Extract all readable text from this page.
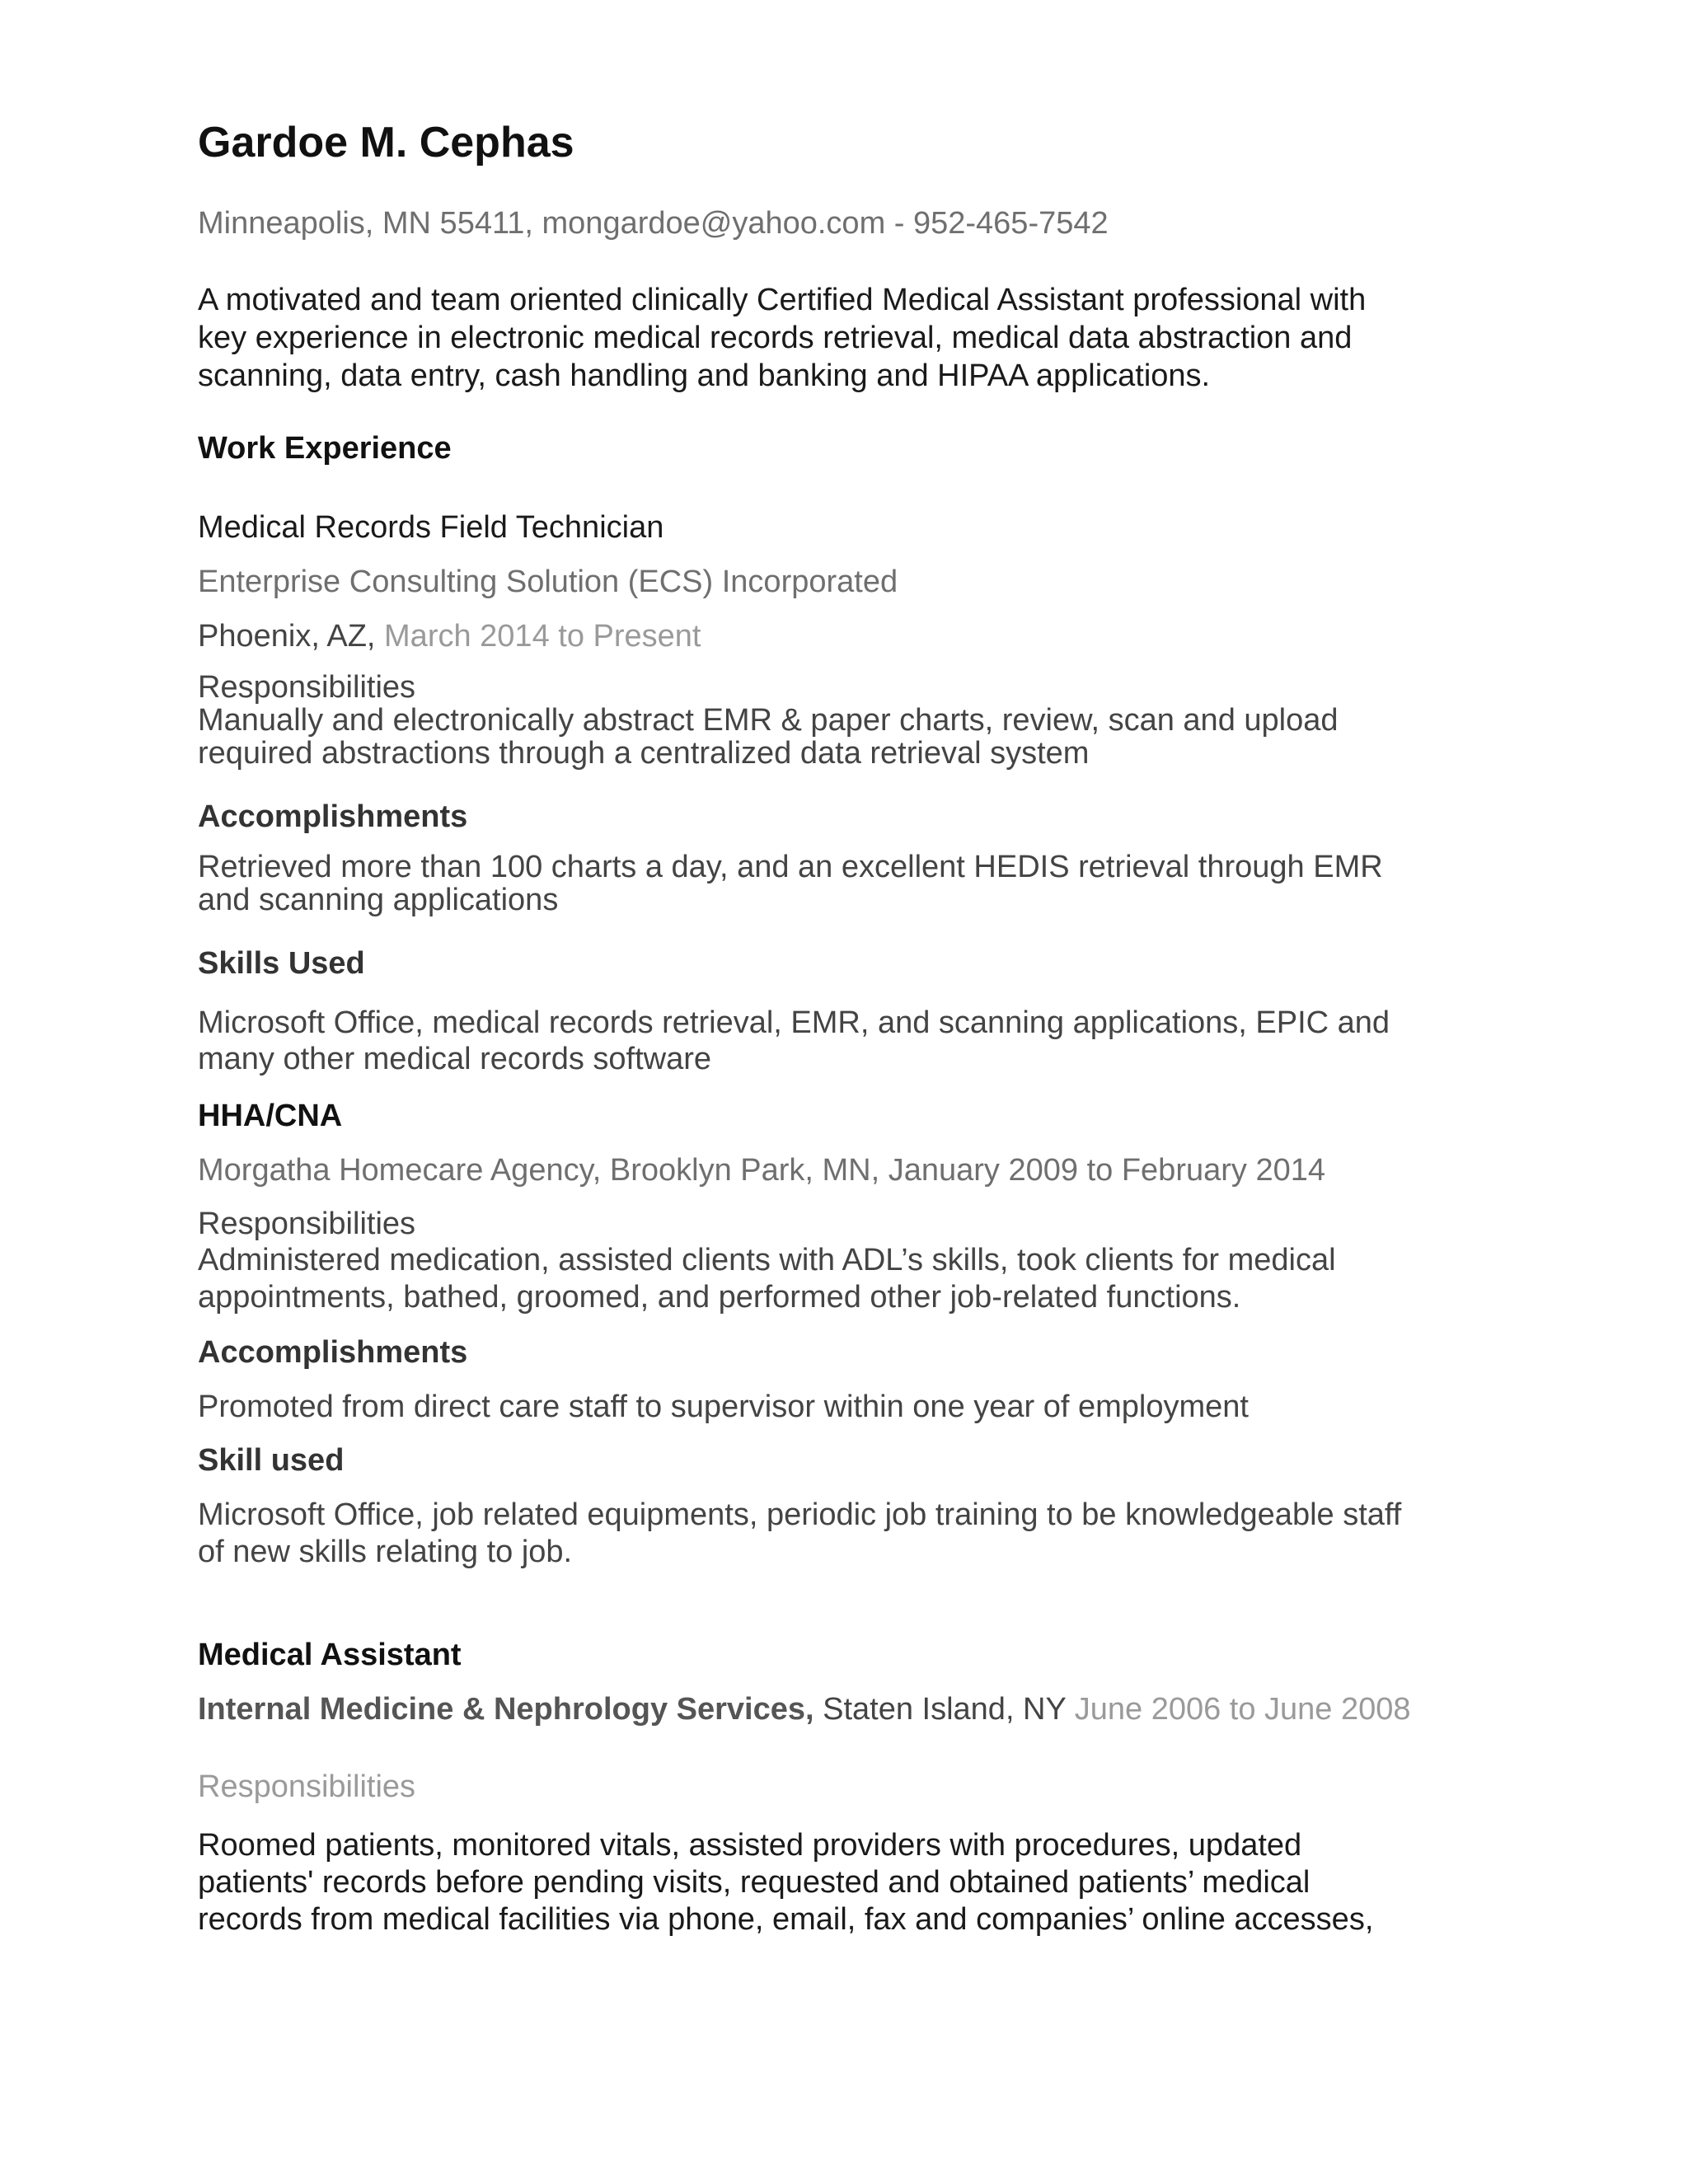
Gardoe M. Cephas
Minneapolis, MN 55411, mongardoe@yahoo.com - 952-465-7542
A motivated and team oriented clinically Certified Medical Assistant professional with
key experience in electronic medical records retrieval, medical data abstraction and
scanning, data entry, cash handling and banking and HIPAA applications.
Work Experience
Medical Records Field Technician
Enterprise Consulting Solution (ECS) Incorporated
Phoenix, AZ, March 2014 to Present
Responsibilities
Manually and electronically abstract EMR & paper charts, review, scan and upload
required abstractions through a centralized data retrieval system
Accomplishments
Retrieved more than 100 charts a day, and an excellent HEDIS retrieval through EMR
and scanning applications
Skills Used
Microsoft Office, medical records retrieval, EMR, and scanning applications, EPIC and
many other medical records software
HHA/CNA
Morgatha Homecare Agency, Brooklyn Park, MN, January 2009 to February 2014
Responsibilities
Administered medication, assisted clients with ADL’s skills, took clients for medical
appointments, bathed, groomed, and performed other job-related functions.
Accomplishments
Promoted from direct care staff to supervisor within one year of employment
Skill used
Microsoft Office, job related equipments, periodic job training to be knowledgeable staff
of new skills relating to job.
Medical Assistant
Internal Medicine & Nephrology Services, Staten Island, NY June 2006 to June 2008
Responsibilities
Roomed patients, monitored vitals, assisted providers with procedures, updated
patients' records before pending visits, requested and obtained patients’ medical
records from medical facilities via phone, email, fax and companies’ online accesses,
